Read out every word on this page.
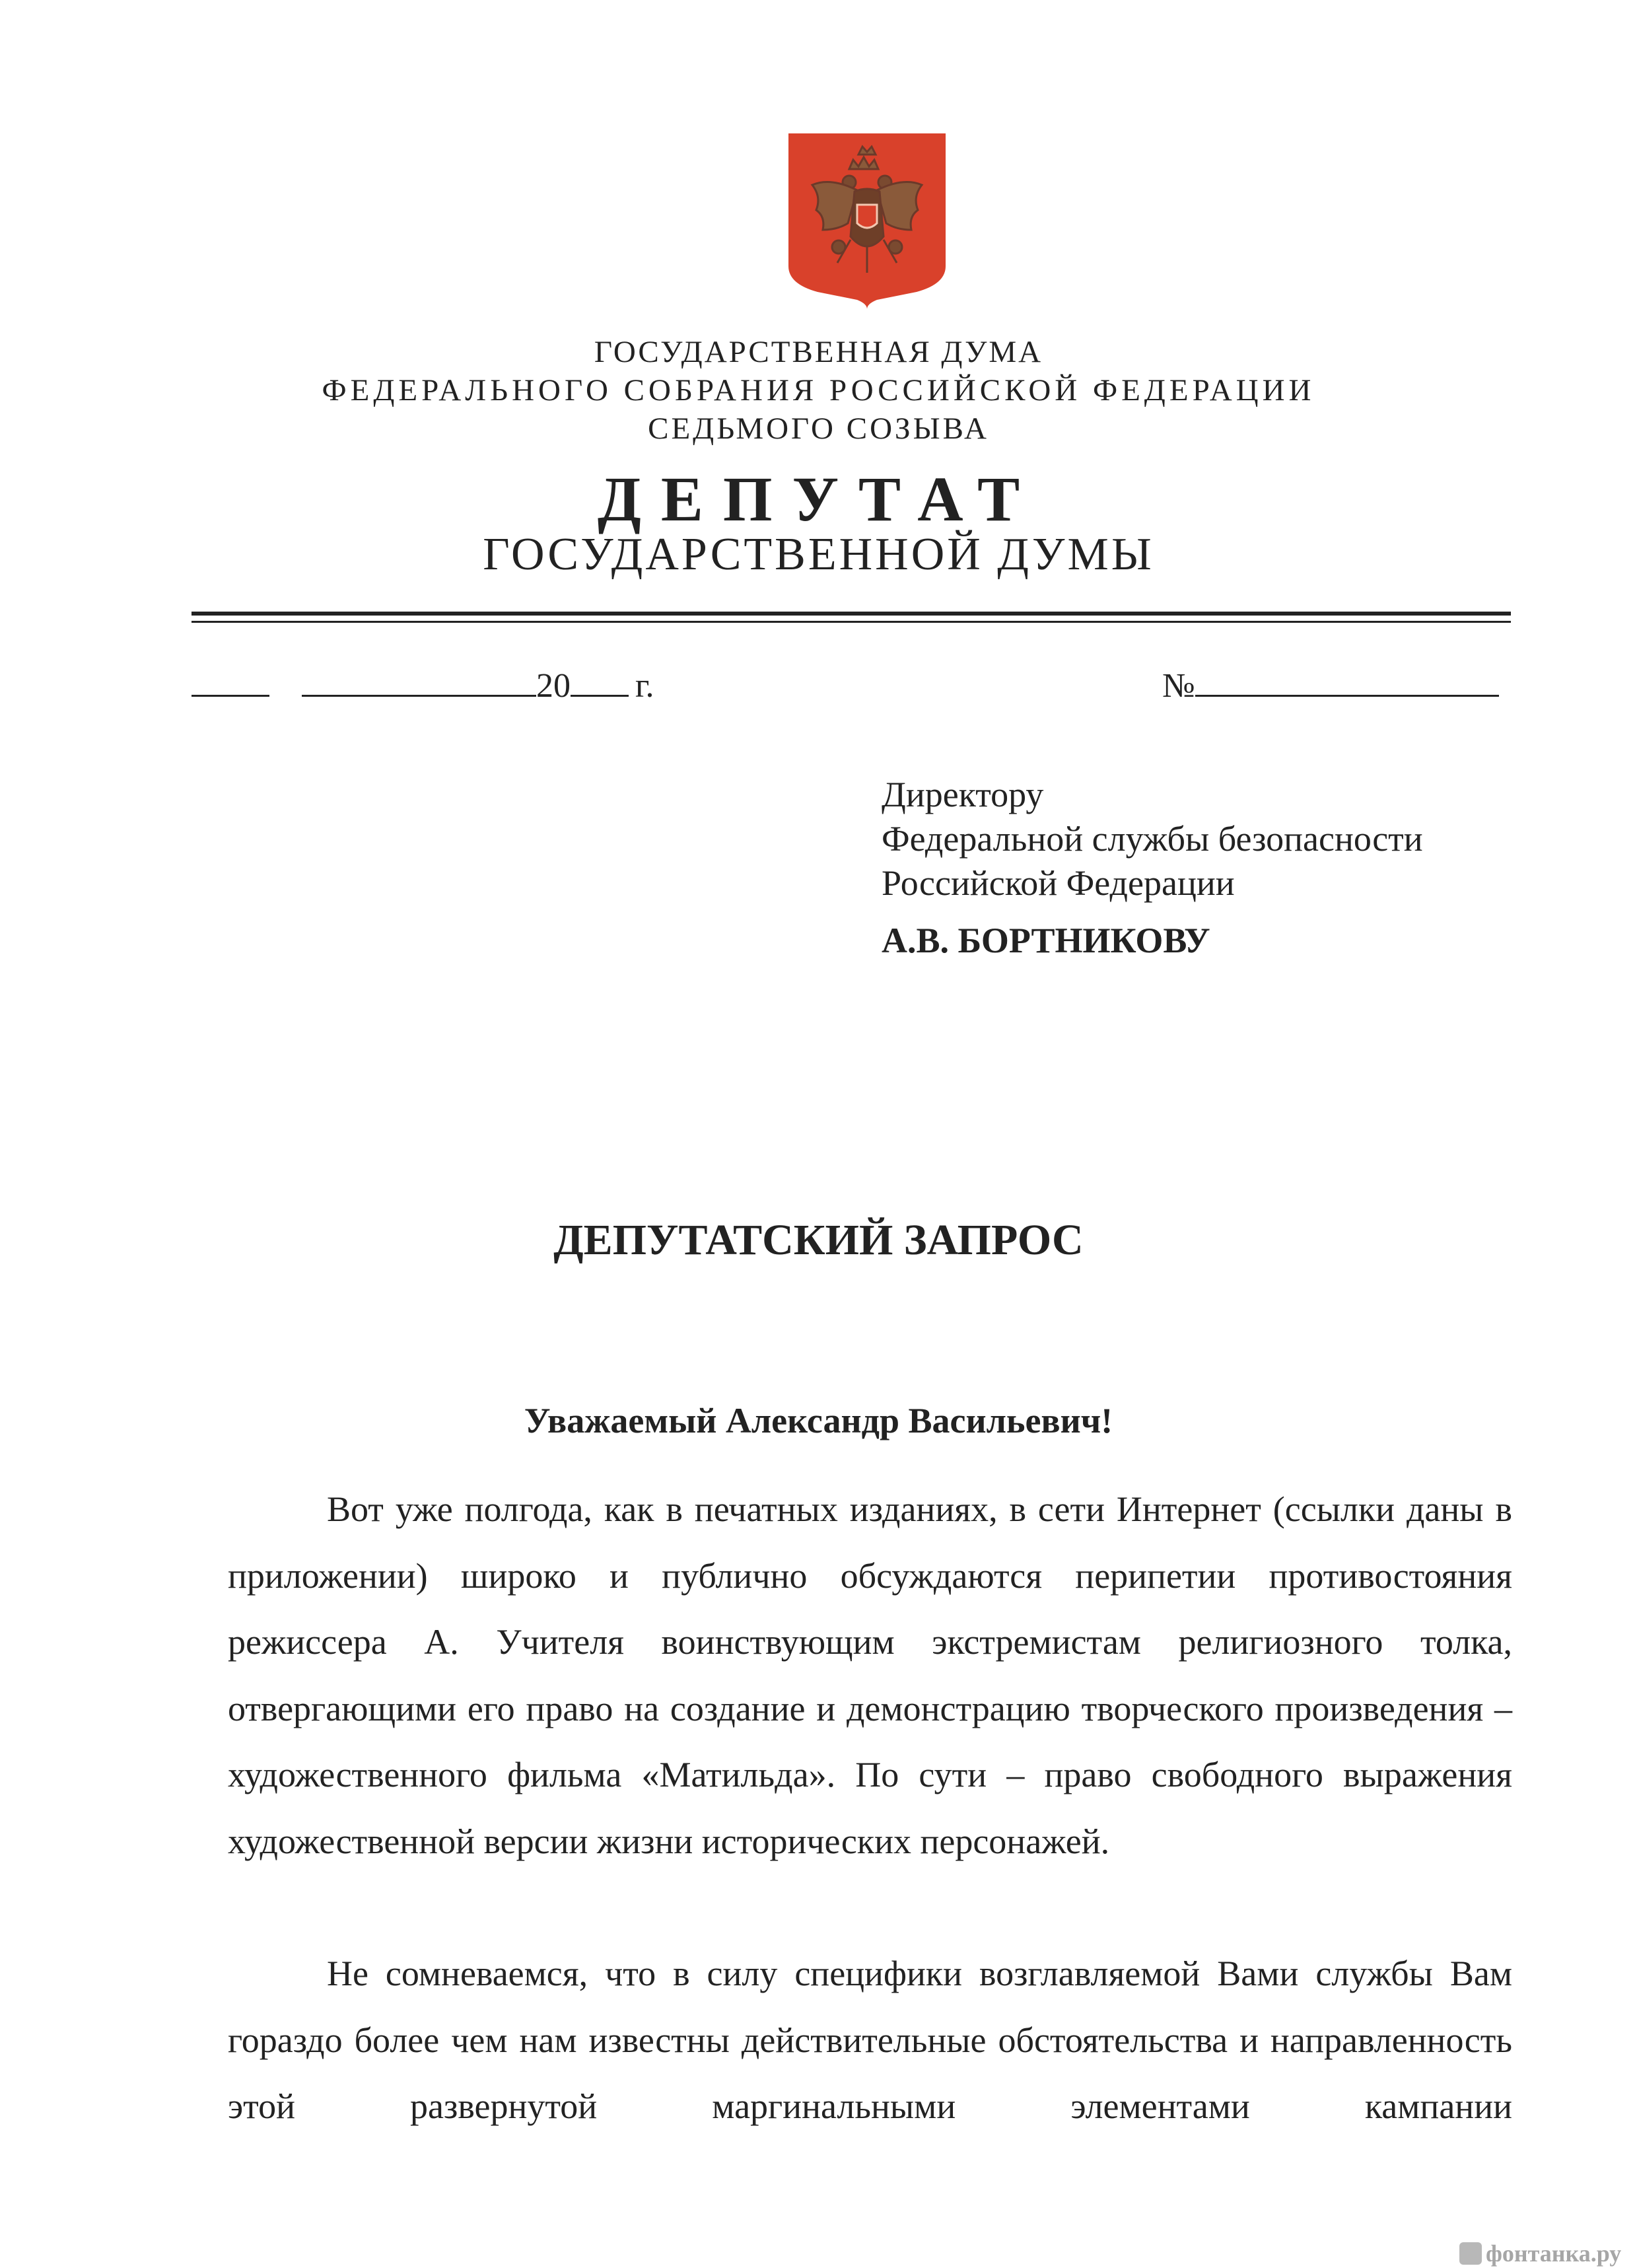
ГОСУДАРСТВЕННАЯ ДУМА
ФЕДЕРАЛЬНОГО СОБРАНИЯ РОССИЙСКОЙ ФЕДЕРАЦИИ
СЕДЬМОГО СОЗЫВА
ДЕПУТАТ
ГОСУДАРСТВЕННОЙ ДУМЫ
20 г.	№
Директору
Федеральной службы безопасности
Российской Федерации
А.В. БОРТНИКОВУ
ДЕПУТАТСКИЙ ЗАПРОС
Уважаемый Александр Васильевич!
Вот уже полгода, как в печатных изданиях, в сети Интернет (ссылки даны в приложении) широко и публично обсуждаются перипетии противостояния режиссера А. Учителя воинствующим экстремистам религиозного толка, отвергающими его право на создание и демонстрацию творческого произведения – художественного фильма «Матильда». По сути – право свободного выражения художественной версии жизни исторических персонажей.
Не сомневаемся, что в силу специфики возглавляемой Вами службы Вам гораздо более чем нам известны действительные обстоятельства и направленность этой развернутой маргинальными элементами кампании
фонтанка.ру
